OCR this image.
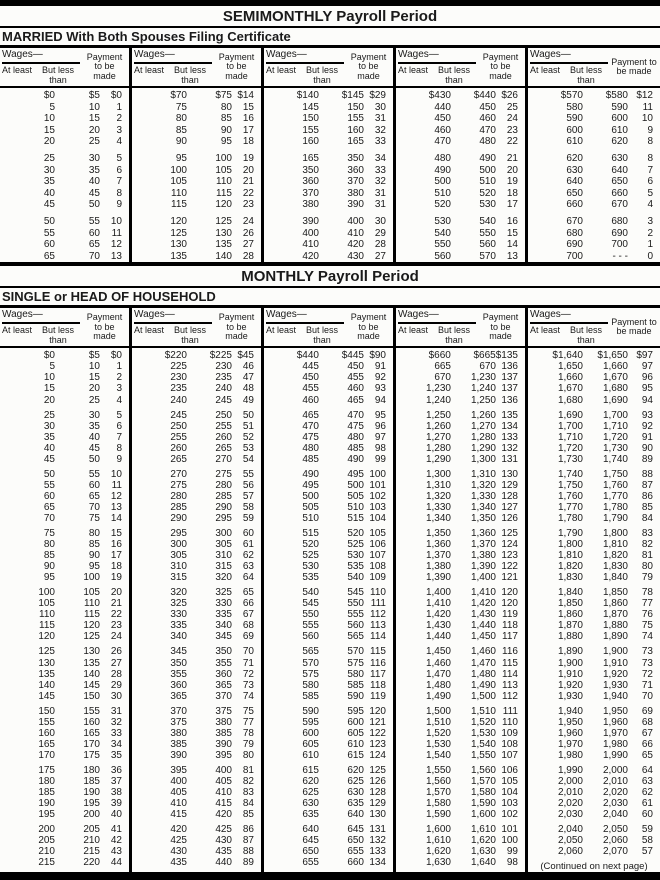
SEMIMONTHLY Payroll Period
MARRIED With Both Spouses Filing Certificate
Wages—
At least	But less than
Payment to be made
$0	$5	$0
5	10	1
10	15	2
15	20	3
20	25	4
25	30	5
30	35	6
35	40	7
40	45	8
45	50	9
50	55	10
55	60	11
60	65	12
65	70	13
Wages—
At least	But less than
Payment to be made
$70	$75 $14
75	80	15
80	85	16
85	90	17
90	95	18
95	100	19
100	105	20
105	110	21
110	115	22
115	120	23
120	125	24
125	130	26
130	135	27
135	140	28
Wages—
At least	But less than
Payment to be made
$140	$145 $29
145	150	30
150	155	31
155	160	32
160	165	33
165	350	34
350	360	33
360	370	32
370	380	31
380	390	31
390	400	30
400	410	29
410	420	28
420	430	27
Wages—
At least	But less than
Payment to be made
$430	$440 $26
440	450	25
450	460	24
460	470	23
470	480	22
480	490	21
490	500	20
500	510	19
510	520	18
520	530	17
530	540	16
540	550	15
550	560	14
560	570	13
Wages—
At least	But less than
Payment to be made
$570	$580 $12
580	590	11
590	600	10
600	610	9
610	620	8
620	630	8
630	640	7
640	650	6
650	660	5
660	670	4
670	680	3
680	690	2
690	700	1
700	- - -	0
MONTHLY Payroll Period
SINGLE or HEAD OF HOUSEHOLD
Wages—
At least	But less than
Payment to be made
$0	$5	$0
5	10	1
10	15	2
15	20	3
20	25	4
25	30	5
30	35	6
35	40	7
40	45	8
45	50	9
50	55	10
55	60	11
60	65	12
65	70	13
70	75	14
75	80	15
80	85	16
85	90	17
90	95	18
95	100	19
100	105	20
105	110	21
110	115	22
115	120	23
120	125	24
125	130	26
130	135	27
135	140	28
140	145	29
145	150	30
150	155	31
155	160	32
160	165	33
165	170	34
170	175	35
175	180	36
180	185	37
185	190	38
190	195	39
195	200	40
200	205	41
205	210	42
210	215	43
215	220	44
Wages—
At least	But less than
Payment to be made
$220	$225 $45
225	230	46
230	235	47
235	240	48
240	245	49
245	250	50
250	255	51
255	260	52
260	265	53
265	270	54
270	275	55
275	280	56
280	285	57
285	290	58
290	295	59
295	300	60
300	305	61
305	310	62
310	315	63
315	320	64
320	325	65
325	330	66
330	335	67
335	340	68
340	345	69
345	350	70
350	355	71
355	360	72
360	365	73
365	370	74
370	375	75
375	380	77
380	385	78
385	390	79
390	395	80
395	400	81
400	405	82
405	410	83
410	415	84
415	420	85
420	425	86
425	430	87
430	435	88
435	440	89
Wages—
At least	But less than
Payment to be made
$440	$445 $90
445	450	91
450	455	92
455	460	93
460	465	94
465	470	95
470	475	96
475	480	97
480	485	98
485	490	99
490	495 100
495	500 101
500	505 102
505	510 103
510	515 104
515	520 105
520	525 106
525	530 107
530	535 108
535	540 109
540	545 110
545	550 111
550	555 112
555	560 113
560	565 114
565	570 115
570	575 116
575	580 117
580	585 118
585	590 119
590	595 120
595	600 121
600	605 122
605	610 123
610	615 124
615	620 125
620	625 126
625	630 128
630	635 129
635	640 130
640	645 131
645	650 132
650	655 133
655	660 134
Wages—
At least	But less than
Payment to be made
$660	$665 $135
665	670 136
670	1,230 137
1,230	1,240 137
1,240	1,250 136
1,250	1,260 135
1,260	1,270 134
1,270	1,280 133
1,280	1,290 132
1,290	1,300 131
1,300	1,310 130
1,310	1,320 129
1,320	1,330 128
1,330	1,340 127
1,340	1,350 126
1,350	1,360 125
1,360	1,370 124
1,370	1,380 123
1,380	1,390 122
1,390	1,400 121
1,400	1,410 120
1,410	1,420 120
1,420	1,430 119
1,430	1,440 118
1,440	1,450 117
1,450	1,460 116
1,460	1,470 115
1,470	1,480 114
1,480	1,490 113
1,490	1,500 112
1,500	1,510 111
1,510	1,520 110
1,520	1,530 109
1,530	1,540 108
1,540	1,550 107
1,550	1,560 106
1,560	1,570 105
1,570	1,580 104
1,580	1,590 103
1,590	1,600 102
1,600	1,610 101
1,610	1,620 100
1,620	1,630	99
1,630	1,640	98
Wages—
At least	But less than
Payment to be made
$1,640	$1,650 $97
1,650	1,660	97
1,660	1,670	96
1,670	1,680	95
1,680	1,690	94
1,690	1,700	93
1,700	1,710	92
1,710	1,720	91
1,720	1,730	90
1,730	1,740	89
1,740	1,750	88
1,750	1,760	87
1,760	1,770	86
1,770	1,780	85
1,780	1,790	84
1,790	1,800	83
1,800	1,810	82
1,810	1,820	81
1,820	1,830	80
1,830	1,840	79
1,840	1,850	78
1,850	1,860	77
1,860	1,870	76
1,870	1,880	75
1,880	1,890	74
1,890	1,900	73
1,900	1,910	73
1,910	1,920	72
1,920	1,930	71
1,930	1,940	70
1,940	1,950	69
1,950	1,960	68
1,960	1,970	67
1,970	1,980	66
1,980	1,990	65
1,990	2,000	64
2,000	2,010	63
2,010	2,020	62
2,020	2,030	61
2,030	2,040	60
2,040	2,050	59
2,050	2,060	58
2,060	2,070	57
(Continued on next page)
